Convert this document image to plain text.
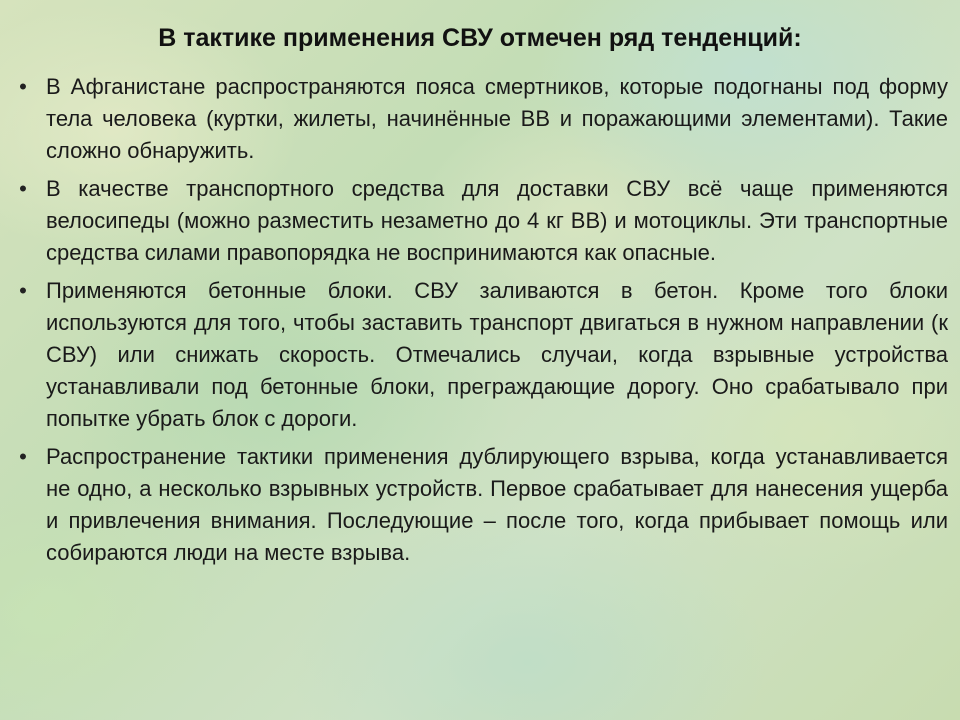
В тактике применения СВУ отмечен ряд тенденций:
• В Афганистане распространяются пояса смертников, которые подогнаны под форму тела человека (куртки, жилеты, начинённые ВВ и поражающими элементами). Такие сложно обнаружить.
• В качестве транспортного средства для доставки СВУ всё чаще применяются велосипеды (можно разместить незаметно до 4 кг ВВ) и мотоциклы. Эти транспортные средства силами правопорядка не воспринимаются как опасные.
• Применяются бетонные блоки. СВУ заливаются в бетон. Кроме того блоки используются для того, чтобы заставить транспорт двигаться в нужном направлении (к СВУ) или снижать скорость. Отмечались случаи, когда взрывные устройства устанавливали под бетонные блоки, преграждающие дорогу. Оно срабатывало при попытке убрать блок с дороги.
• Распространение тактики применения дублирующего взрыва, когда устанавливается не одно, а несколько взрывных устройств. Первое срабатывает для нанесения ущерба и привлечения внимания. Последующие – после того, когда прибывает помощь или собираются люди на месте взрыва.
